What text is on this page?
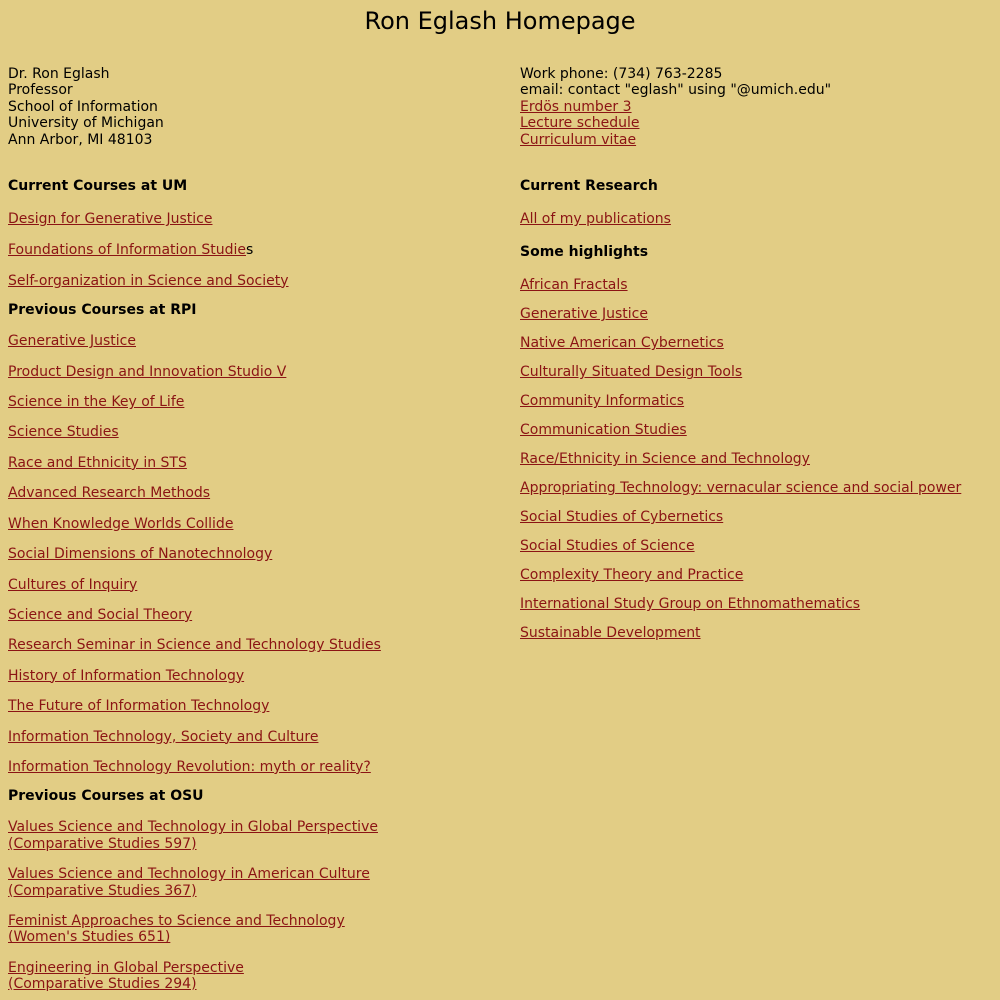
Ron Eglash Homepage
Dr. Ron Eglash
Professor
School of Information
University of Michigan
Ann Arbor, MI 48103
Current Courses at UM
Design for Generative Justice
Foundations of Information Studies
Self-organization in Science and Society
Previous Courses at RPI
Generative Justice
Product Design and Innovation Studio V
Science in the Key of Life
Science Studies
Race and Ethnicity in STS
Advanced Research Methods
When Knowledge Worlds Collide
Social Dimensions of Nanotechnology
Cultures of Inquiry
Science and Social Theory
Research Seminar in Science and Technology Studies
History of Information Technology
The Future of Information Technology
Information Technology, Society and Culture
Information Technology Revolution: myth or reality?
Previous Courses at OSU
Values Science and Technology in Global Perspective
(Comparative Studies 597)
Values Science and Technology in American Culture
(Comparative Studies 367)
Feminist Approaches to Science and Technology
(Women's Studies 651)
Engineering in Global Perspective
(Comparative Studies 294)
Work phone: (734) 763-2285
email: contact "eglash" using "@umich.edu"
Erdös number 3
Lecture schedule
Curriculum vitae
Current Research
All of my publications
Some highlights
African Fractals
Generative Justice
Native American Cybernetics
Culturally Situated Design Tools
Community Informatics
Communication Studies
Race/Ethnicity in Science and Technology
Appropriating Technology: vernacular science and social power
Social Studies of Cybernetics
Social Studies of Science
Complexity Theory and Practice
International Study Group on Ethnomathematics
Sustainable Development
